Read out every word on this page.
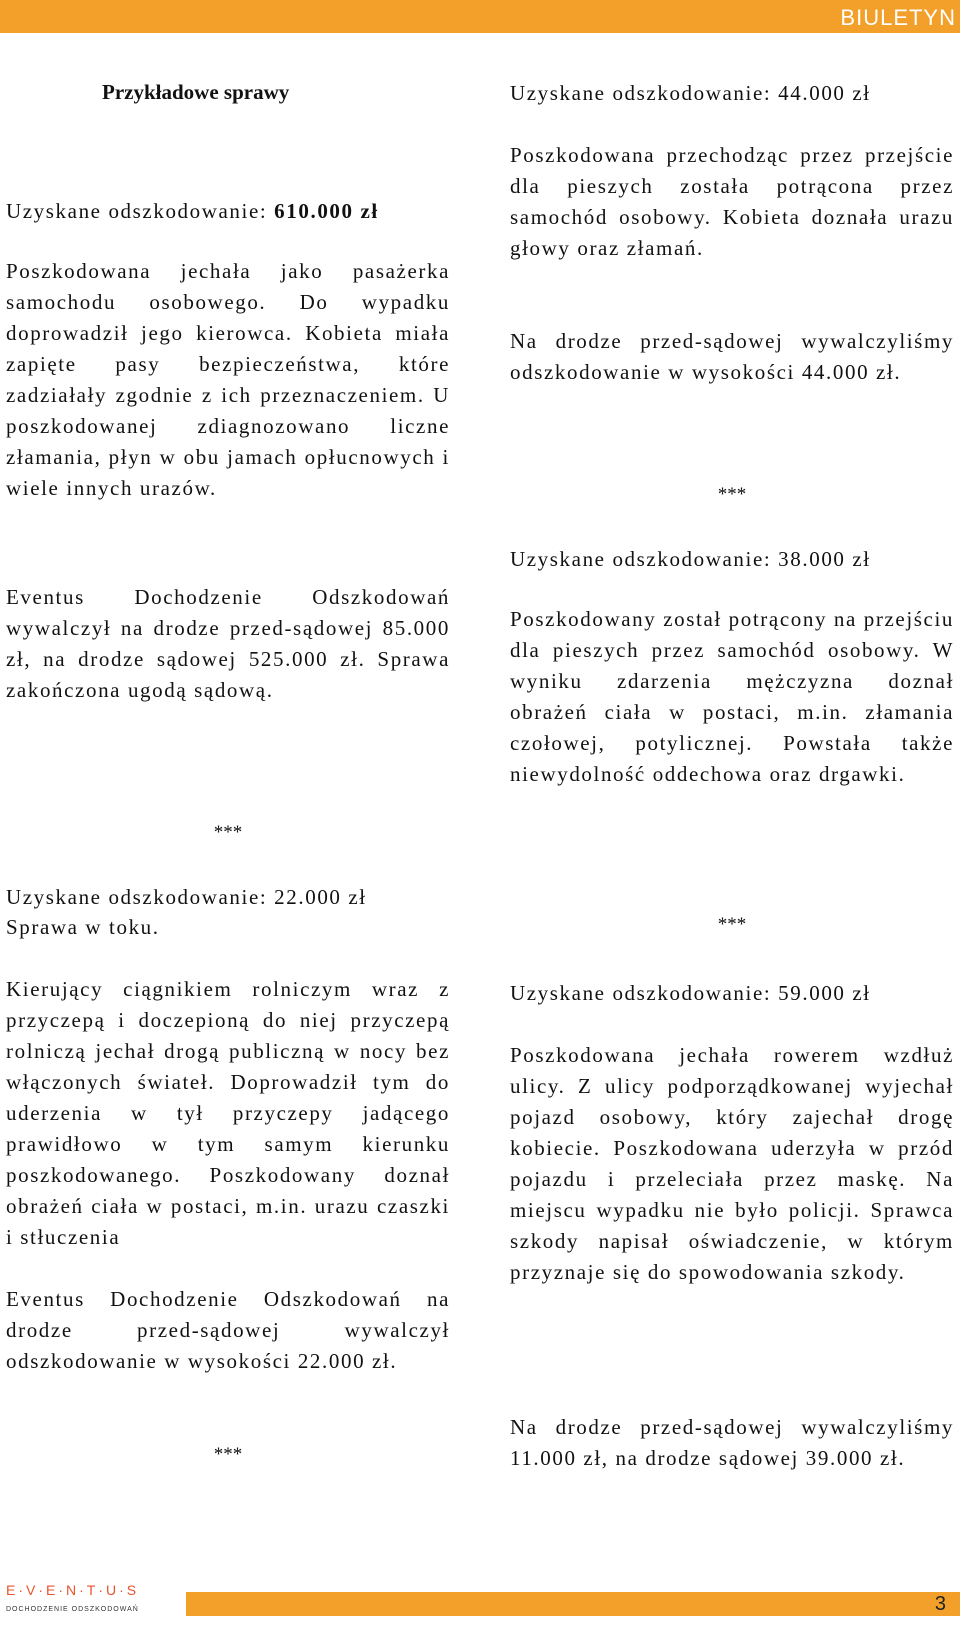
BIULETYN
Przykładowe sprawy

Uzyskane odszkodowanie: 610.000 zł

Poszkodowana jechała jako pasażerka samochodu osobowego. Do wypadku doprowadził jego kierowca. Kobieta miała zapięte pasy bezpieczeństwa, które zadziałały zgodnie z ich przeznaczeniem. U poszkodowanej zdiagnozowano liczne złamania, płyn w obu jamach opłucnowych i wiele innych urazów.

Eventus Dochodzenie Odszkodowań wywalczył na drodze przed-sądowej 85.000 zł, na drodze sądowej 525.000 zł. Sprawa zakończona ugodą sądową.

***

Uzyskane odszkodowanie: 22.000 zł

Sprawa w toku.

Kierujący ciągnikiem rolniczym wraz z przyczepą i doczepioną do niej przyczepą rolniczą jechał drogą publiczną w nocy bez włączonych świateł. Doprowadził tym do uderzenia w tył przyczepy jadącego prawidłowo w tym samym kierunku poszkodowanego. Poszkodowany doznał obrażeń ciała w postaci, m.in. urazu czaszki i stłuczenia

Eventus Dochodzenie Odszkodowań na drodze przed-sądowej wywalczył odszkodowanie w wysokości 22.000 zł.

***

Uzyskane odszkodowanie: 44.000 zł

Poszkodowana przechodząc przez przejście dla pieszych została potrącona przez samochód osobowy. Kobieta doznała urazu głowy oraz złamań.

Na drodze przed-sądowej wywalczyliśmy odszkodowanie w wysokości 44.000 zł.

***

Uzyskane odszkodowanie: 38.000 zł

Poszkodowany został potrącony na przejściu dla pieszych przez samochód osobowy. W wyniku zdarzenia mężczyzna doznał obrażeń ciała w postaci, m.in. złamania czołowej, potylicznej. Powstała także niewydolność oddechowa oraz drgawki.

***

Uzyskane odszkodowanie: 59.000 zł

Poszkodowana jechała rowerem wzdłuż ulicy. Z ulicy podporządkowanej wyjechał pojazd osobowy, który zajechał drogę kobiecie. Poszkodowana uderzyła w przód pojazdu i przeleciała przez maskę. Na miejscu wypadku nie było policji. Sprawca szkody napisał oświadczenie, w którym przyznaje się do spowodowania szkody.

Na drodze przed-sądowej wywalczyliśmy 11.000 zł, na drodze sądowej 39.000 zł.

E·V·E·N·T·U·S
DOCHODZENIE ODSZKODOWAŃ	3
